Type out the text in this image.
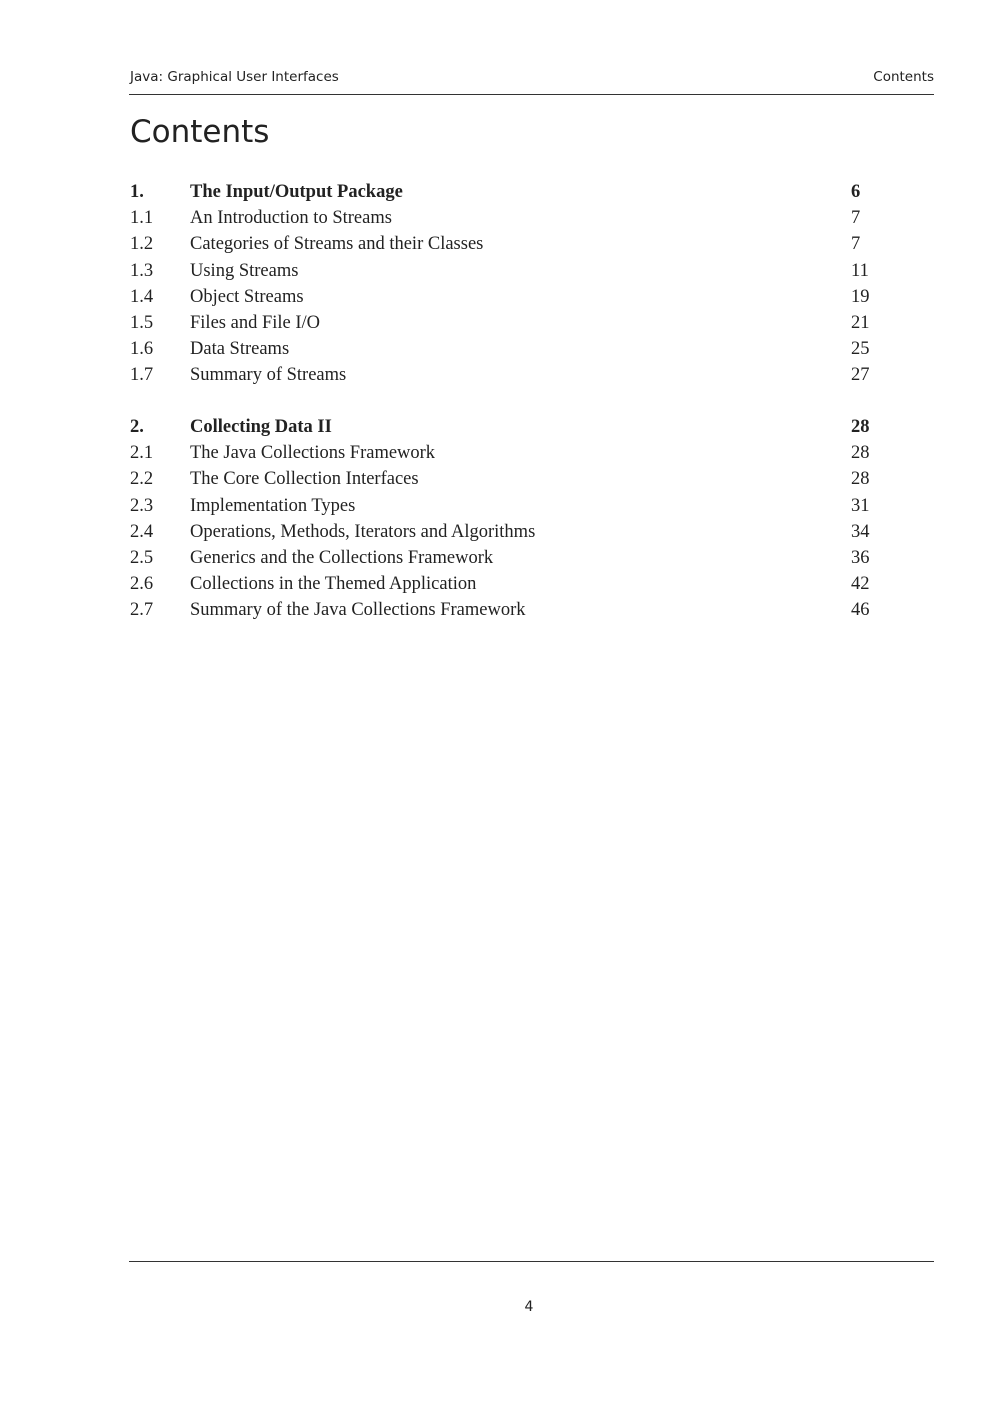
Java: Graphical User Interfaces	Contents
Contents
1. The Input/Output Package	6
1.1 An Introduction to Streams	7
1.2 Categories of Streams and their Classes	7
1.3 Using Streams	11
1.4 Object Streams	19
1.5 Files and File I/O	21
1.6 Data Streams	25
1.7 Summary of Streams	27
2. Collecting Data II	28
2.1 The Java Collections Framework	28
2.2 The Core Collection Interfaces	28
2.3 Implementation Types	31
2.4 Operations, Methods, Iterators and Algorithms	34
2.5 Generics and the Collections Framework	36
2.6 Collections in the Themed Application	42
2.7 Summary of the Java Collections Framework	46
4
